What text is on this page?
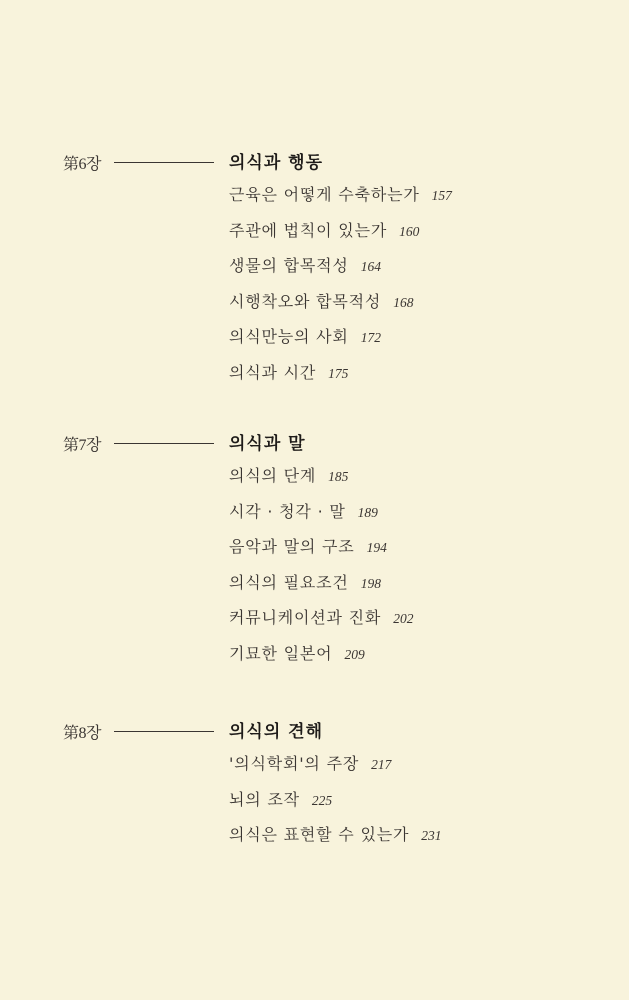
第6장	의식과 행동
근육은 어떻게 수축하는가 157
주관에 법칙이 있는가 160
생물의 합목적성 164
시행착오와 합목적성 168
의식만능의 사회 172
의식과 시간 175
第7장	의식과 말
의식의 단계 185
시각 · 청각 · 말 189
음악과 말의 구조 194
의식의 필요조건 198
커뮤니케이션과 진화 202
기묘한 일본어 209
第8장	의식의 견해
'의식학회'의 주장 217
뇌의 조작 225
의식은 표현할 수 있는가 231
